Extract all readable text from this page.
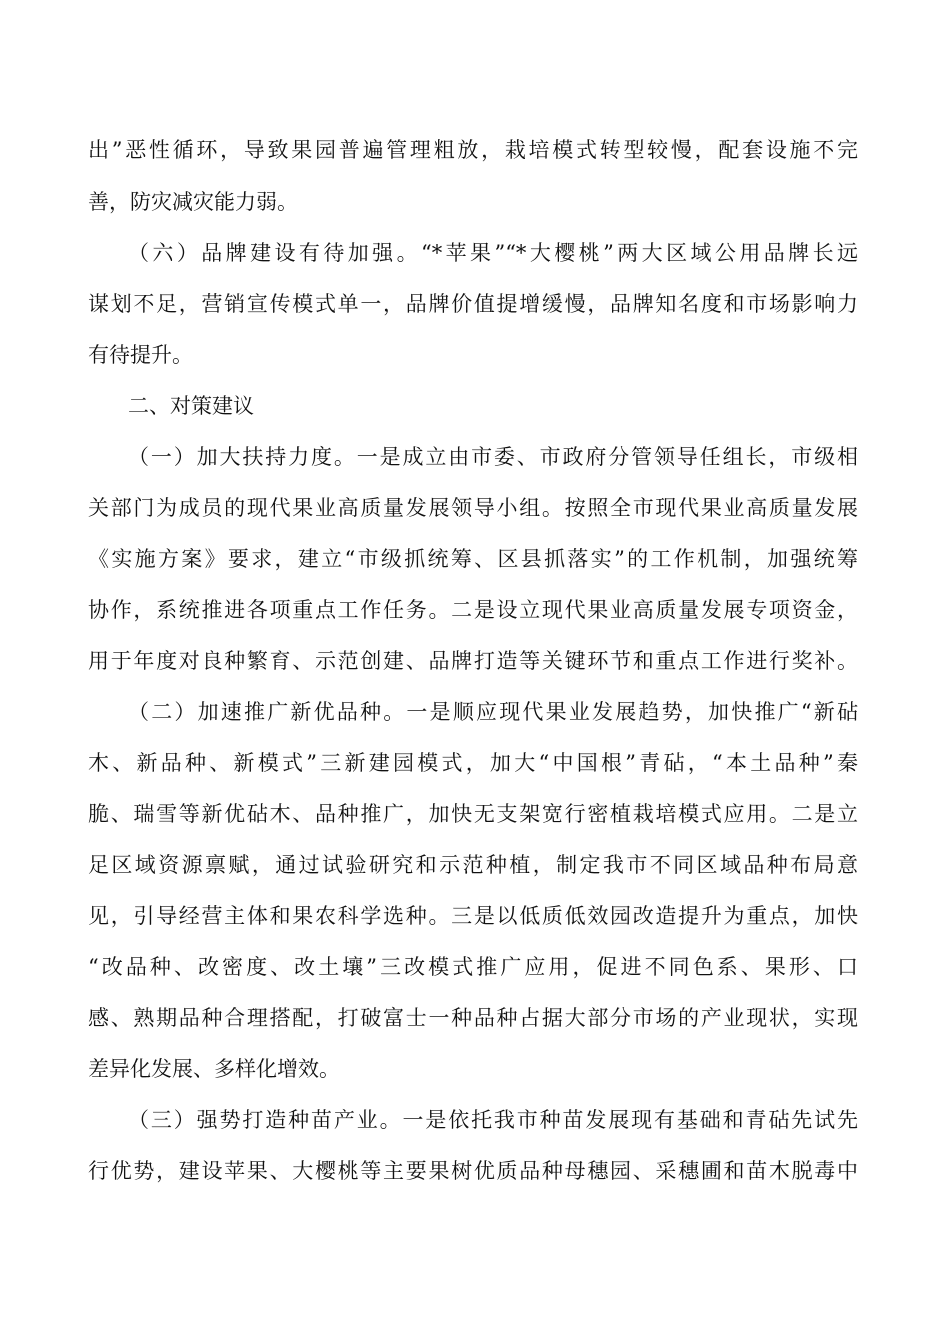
出”恶性循环，导致果园普遍管理粗放，栽培模式转型较慢，配套设施不完
善，防灾减灾能力弱。
（六）品牌建设有待加强。“*苹果”“*大樱桃”两大区域公用品牌长远
谋划不足，营销宣传模式单一，品牌价值提增缓慢，品牌知名度和市场影响力
有待提升。
二、对策建议
（一）加大扶持力度。一是成立由市委、市政府分管领导任组长，市级相
关部门为成员的现代果业高质量发展领导小组。按照全市现代果业高质量发展
《实施方案》要求，建立“市级抓统筹、区县抓落实”的工作机制，加强统筹
协作，系统推进各项重点工作任务。二是设立现代果业高质量发展专项资金，
用于年度对良种繁育、示范创建、品牌打造等关键环节和重点工作进行奖补。
（二）加速推广新优品种。一是顺应现代果业发展趋势，加快推广“新砧
木、新品种、新模式”三新建园模式，加大“中国根”青砧，“本土品种”秦
脆、瑞雪等新优砧木、品种推广，加快无支架宽行密植栽培模式应用。二是立
足区域资源禀赋，通过试验研究和示范种植，制定我市不同区域品种布局意
见，引导经营主体和果农科学选种。三是以低质低效园改造提升为重点，加快
“改品种、改密度、改土壤”三改模式推广应用，促进不同色系、果形、口
感、熟期品种合理搭配，打破富士一种品种占据大部分市场的产业现状，实现
差异化发展、多样化增效。
（三）强势打造种苗产业。一是依托我市种苗发展现有基础和青砧先试先
行优势，建设苹果、大樱桃等主要果树优质品种母穗园、采穗圃和苗木脱毒中
